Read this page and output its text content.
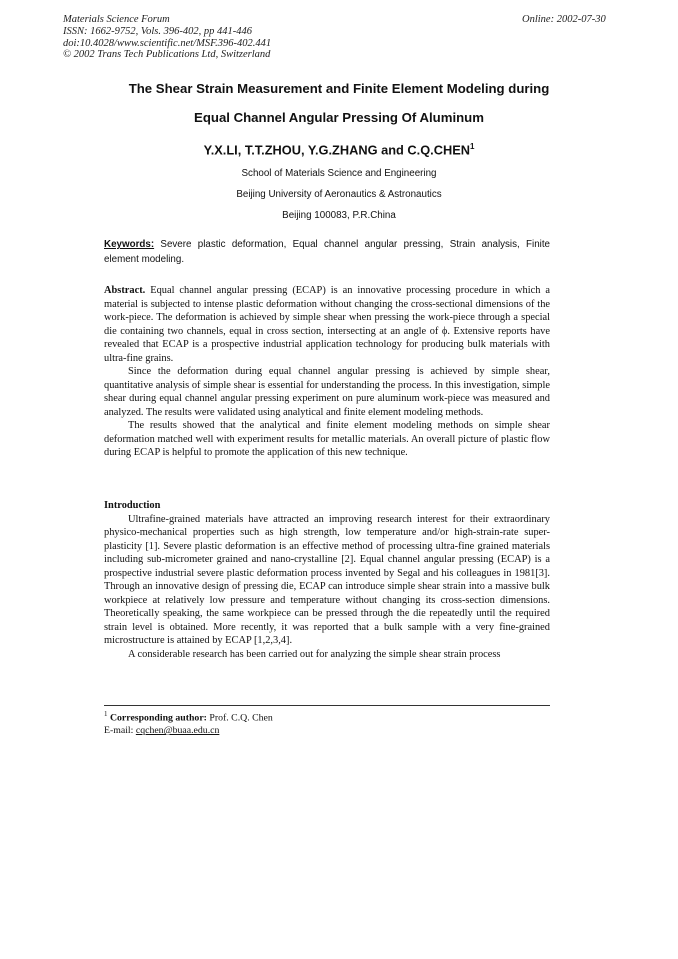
Materials Science Forum
ISSN: 1662-9752, Vols. 396-402, pp 441-446
doi:10.4028/www.scientific.net/MSF.396-402.441
© 2002 Trans Tech Publications Ltd, Switzerland
Online: 2002-07-30
The Shear Strain Measurement and Finite Element Modeling during
Equal Channel Angular Pressing Of Aluminum
Y.X.LI, T.T.ZHOU, Y.G.ZHANG and C.Q.CHEN$^1$
School of Materials Science and Engineering
Beijing University of Aeronautics & Astronautics
Beijing 100083, P.R.China
Keywords: Severe plastic deformation, Equal channel angular pressing, Strain analysis, Finite element modeling.

Abstract. Equal channel angular pressing (ECAP) is an innovative processing procedure in which a material is subjected to intense plastic deformation without changing the cross-sectional dimensions of the work-piece. The deformation is achieved by simple shear when pressing the work-piece through a special die containing two channels, equal in cross section, intersecting at an angle of ϕ. Extensive reports have revealed that ECAP is a prospective industrial application technology for producing bulk materials with ultra-fine grains.

Since the deformation during equal channel angular pressing is achieved by simple shear, quantitative analysis of simple shear is essential for understanding the process. In this investigation, simple shear during equal channel angular pressing experiment on pure aluminum work-piece was measured and analyzed. The results were validated using analytical and finite element modeling methods.

The results showed that the analytical and finite element modeling methods on simple shear deformation matched well with experiment results for metallic materials. An overall picture of plastic flow during ECAP is helpful to promote the application of this new technique.

Introduction

Ultrafine-grained materials have attracted an improving research interest for their extraordinary physico-mechanical properties such as high strength, low temperature and/or high-strain-rate super-plasticity [1]. Severe plastic deformation is an effective method of processing ultra-fine grained materials including sub-micrometer grained and nano-crystalline [2]. Equal channel angular pressing (ECAP) is a prospective industrial severe plastic deformation process invented by Segal and his colleagues in 1981[3]. Through an innovative design of pressing die, ECAP can introduce simple shear strain into a massive bulk workpiece at relatively low pressure and temperature without changing its cross-section dimensions. Theoretically speaking, the same workpiece can be pressed through the die repeatedly until the required strain level is obtained. More recently, it was reported that a bulk sample with a very fine-grained microstructure is attained by ECAP [1,2,3,4].

A considerable research has been carried out for analyzing the simple shear strain process

$^1$ Corresponding author: Prof. C.Q. Chen
E-mail: cqchen@buaa.edu.cn
